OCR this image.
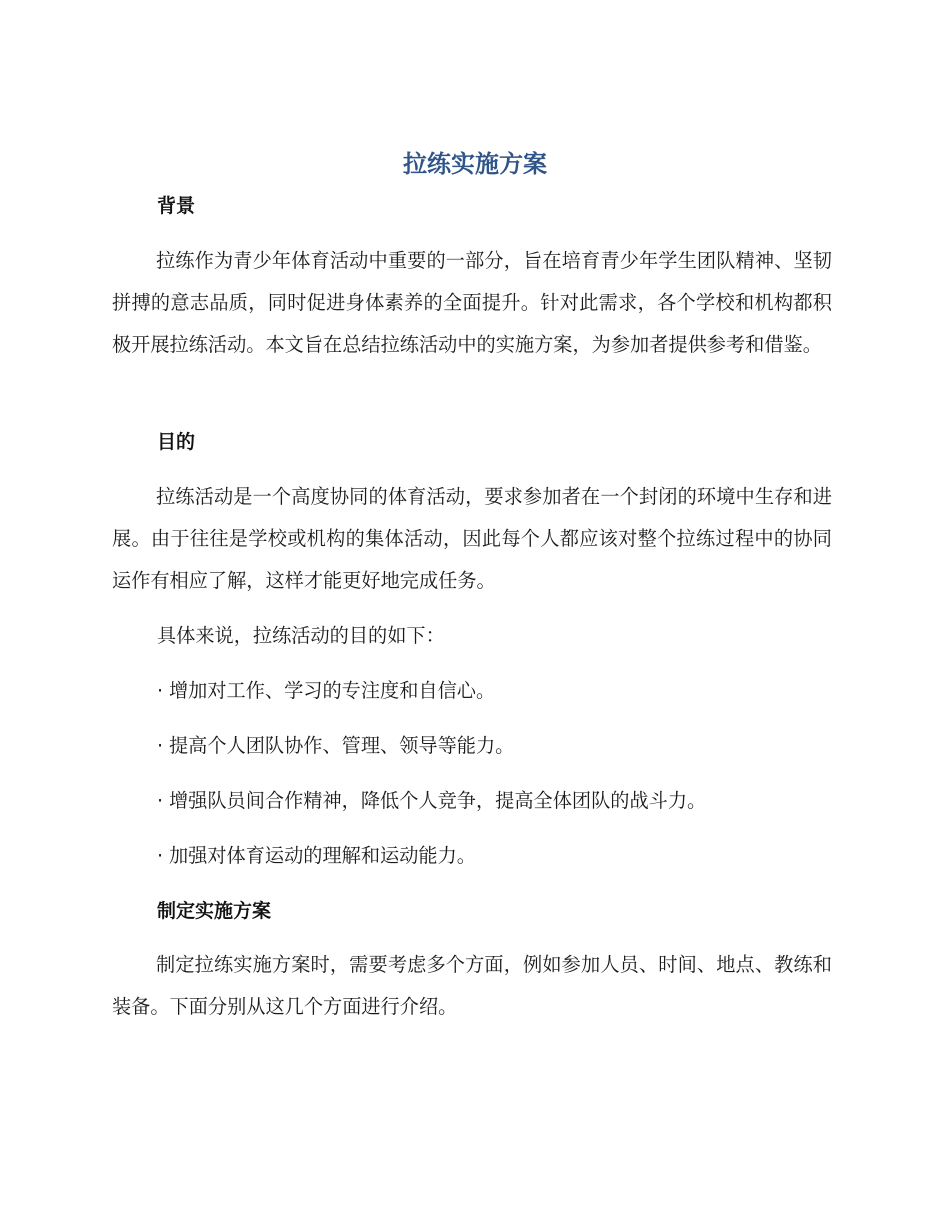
拉练实施方案
背景

拉练作为青少年体育活动中重要的一部分，旨在培育青少年学生团队精神、坚韧拼搏的意志品质，同时促进身体素养的全面提升。针对此需求，各个学校和机构都积极开展拉练活动。本文旨在总结拉练活动中的实施方案，为参加者提供参考和借鉴。

目的

拉练活动是一个高度协同的体育活动，要求参加者在一个封闭的环境中生存和进展。由于往往是学校或机构的集体活动，因此每个人都应该对整个拉练过程中的协同运作有相应了解，这样才能更好地完成任务。

具体来说，拉练活动的目的如下：

· 增加对工作、学习的专注度和自信心。

· 提高个人团队协作、管理、领导等能力。

· 增强队员间合作精神，降低个人竞争，提高全体团队的战斗力。

· 加强对体育运动的理解和运动能力。

制定实施方案

制定拉练实施方案时，需要考虑多个方面，例如参加人员、时间、地点、教练和装备。下面分别从这几个方面进行介绍。
